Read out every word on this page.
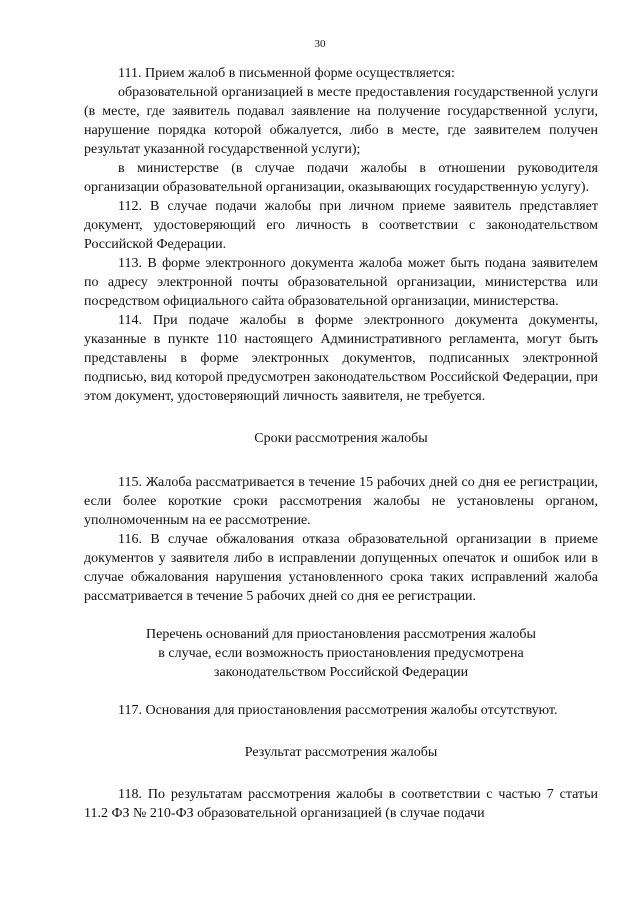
30

111. Прием жалоб в письменной форме осуществляется:

образовательной организацией в месте предоставления государственной услуги (в месте, где заявитель подавал заявление на получение государственной услуги, нарушение порядка которой обжалуется, либо в месте, где заявителем получен результат указанной государственной услуги);

в министерстве (в случае подачи жалобы в отношении руководителя организации образовательной организации, оказывающих государственную услугу).

112. В случае подачи жалобы при личном приеме заявитель представляет документ, удостоверяющий его личность в соответствии с законодательством Российской Федерации.

113. В форме электронного документа жалоба может быть подана заявителем по адресу электронной почты образовательной организации, министерства или посредством официального сайта образовательной организации, министерства.

114. При подаче жалобы в форме электронного документа документы, указанные в пункте 110 настоящего Административного регламента, могут быть представлены в форме электронных документов, подписанных электронной подписью, вид которой предусмотрен законодательством Российской Федерации, при этом документ, удостоверяющий личность заявителя, не требуется.

Сроки рассмотрения жалобы

115. Жалоба рассматривается в течение 15 рабочих дней со дня ее регистрации, если более короткие сроки рассмотрения жалобы не установлены органом, уполномоченным на ее рассмотрение.

116. В случае обжалования отказа образовательной организации в приеме документов у заявителя либо в исправлении допущенных опечаток и ошибок или в случае обжалования нарушения установленного срока таких исправлений жалоба рассматривается в течение 5 рабочих дней со дня ее регистрации.

Перечень оснований для приостановления рассмотрения жалобы
в случае, если возможность приостановления предусмотрена
законодательством Российской Федерации

117. Основания для приостановления рассмотрения жалобы отсутствуют.

Результат рассмотрения жалобы

118. По результатам рассмотрения жалобы в соответствии с частью 7 статьи 11.2 ФЗ № 210-ФЗ образовательной организацией (в случае подачи
